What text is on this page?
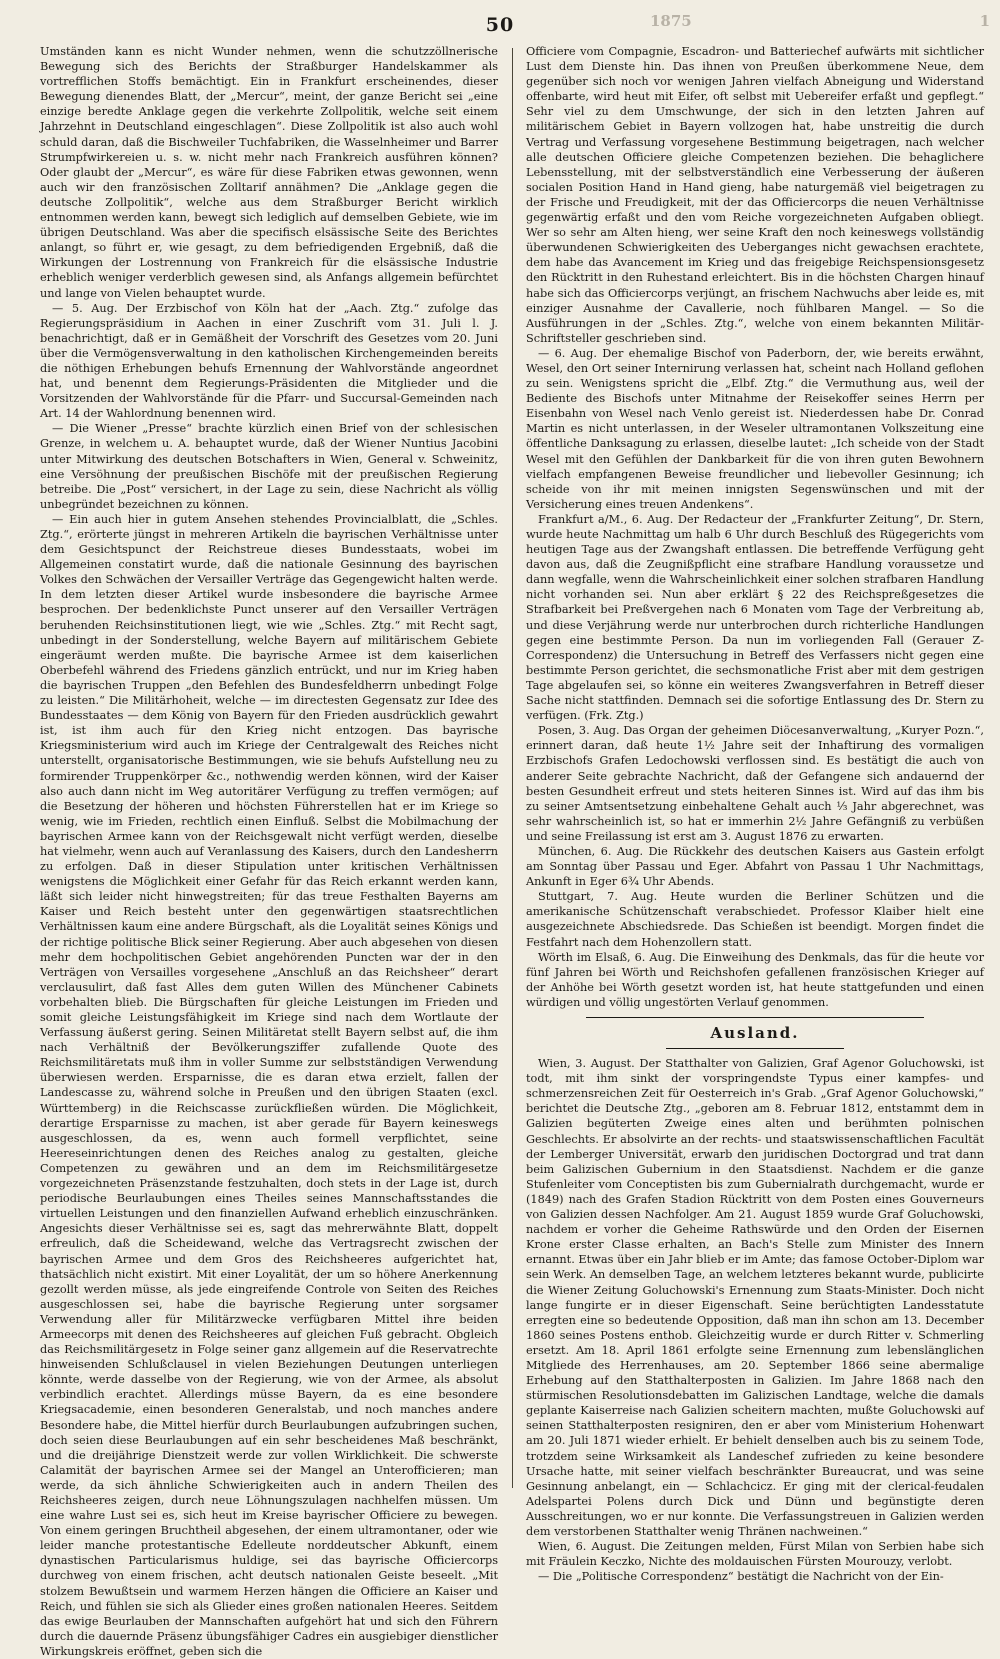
1875
50	1

Umständen kann es nicht Wunder nehmen, wenn die schutzzöllnerische Bewegung sich des Berichts der Straßburger Handelskammer als vortrefflichen Stoffs bemächtigt. Ein in Frankfurt erscheinendes, dieser Bewegung dienendes Blatt, der „Mercur“, meint, der ganze Bericht sei „eine einzige beredte Anklage gegen die verkehrte Zollpolitik, welche seit einem Jahrzehnt in Deutschland eingeschlagen“. Diese Zollpolitik ist also auch wohl schuld daran, daß die Bischweiler Tuchfabriken, die Wasselnheimer und Barrer Strumpfwirkereien u. s. w. nicht mehr nach Frankreich ausführen können? Oder glaubt der „Mercur“, es wäre für diese Fabriken etwas gewonnen, wenn auch wir den französischen Zolltarif annähmen? Die „Anklage gegen die deutsche Zollpolitik“, welche aus dem Straßburger Bericht wirklich entnommen werden kann, bewegt sich lediglich auf demselben Gebiete, wie im übrigen Deutschland. Was aber die specifisch elsässische Seite des Berichtes anlangt, so führt er, wie gesagt, zu dem befriedigenden Ergebniß, daß die Wirkungen der Lostrennung von Frankreich für die elsässische Industrie erheblich weniger verderblich gewesen sind, als Anfangs allgemein befürchtet und lange von Vielen behauptet wurde.

— 5. Aug. Der Erzbischof von Köln hat der „Aach. Ztg.“ zufolge das Regierungspräsidium in Aachen in einer Zuschrift vom 31. Juli l. J. benachrichtigt, daß er in Gemäßheit der Vorschrift des Gesetzes vom 20. Juni über die Vermögensverwaltung in den katholischen Kirchengemeinden bereits die nöthigen Erhebungen behufs Ernennung der Wahlvorstände angeordnet hat, und benennt dem Regierungs-Präsidenten die Mitglieder und die Vorsitzenden der Wahlvorstände für die Pfarr- und Succursal-Gemeinden nach Art. 14 der Wahlordnung benennen wird.

— Die Wiener „Presse“ brachte kürzlich einen Brief von der schlesischen Grenze, in welchem u. A. behauptet wurde, daß der Wiener Nuntius Jacobini unter Mitwirkung des deutschen Botschafters in Wien, General v. Schweinitz, eine Versöhnung der preußischen Bischöfe mit der preußischen Regierung betreibe. Die „Post“ versichert, in der Lage zu sein, diese Nachricht als völlig unbegründet bezeichnen zu können.

— Ein auch hier in gutem Ansehen stehendes Provincialblatt, die „Schles. Ztg.“, erörterte jüngst in mehreren Artikeln die bayrischen Verhältnisse unter dem Gesichtspunct der Reichstreue dieses Bundesstaats, wobei im Allgemeinen constatirt wurde, daß die nationale Gesinnung des bayrischen Volkes den Schwächen der Versailler Verträge das Gegengewicht halten werde. In dem letzten dieser Artikel wurde insbesondere die bayrische Armee besprochen. Der bedenklichste Punct unserer auf den Versailler Verträgen beruhenden Reichsinstitutionen liegt, wie wie „Schles. Ztg.“ mit Recht sagt, unbedingt in der Sonderstellung, welche Bayern auf militärischem Gebiete eingeräumt werden mußte. Die bayrische Armee ist dem kaiserlichen Oberbefehl während des Friedens gänzlich entrückt, und nur im Krieg haben die bayrischen Truppen „den Befehlen des Bundesfeldherrn unbedingt Folge zu leisten.“ Die Militärhoheit, welche — im directesten Gegensatz zur Idee des Bundesstaates — dem König von Bayern für den Frieden ausdrücklich gewahrt ist, ist ihm auch für den Krieg nicht entzogen. Das bayrische Kriegsministerium wird auch im Kriege der Centralgewalt des Reiches nicht unterstellt, organisatorische Bestimmungen, wie sie behufs Aufstellung neu zu formirender Truppenkörper &c., nothwendig werden können, wird der Kaiser also auch dann nicht im Weg autoritärer Verfügung zu treffen vermögen; auf die Besetzung der höheren und höchsten Führerstellen hat er im Kriege so wenig, wie im Frieden, rechtlich einen Einfluß. Selbst die Mobilmachung der bayrischen Armee kann von der Reichsgewalt nicht verfügt werden, dieselbe hat vielmehr, wenn auch auf Veranlassung des Kaisers, durch den Landesherrn zu erfolgen. Daß in dieser Stipulation unter kritischen Verhältnissen wenigstens die Möglichkeit einer Gefahr für das Reich erkannt werden kann, läßt sich leider nicht hinwegstreiten; für das treue Festhalten Bayerns am Kaiser und Reich besteht unter den gegenwärtigen staatsrechtlichen Verhältnissen kaum eine andere Bürgschaft, als die Loyalität seines Königs und der richtige politische Blick seiner Regierung. Aber auch abgesehen von diesen mehr dem hochpolitischen Gebiet angehörenden Puncten war der in den Verträgen von Versailles vorgesehene „Anschluß an das Reichsheer“ derart verclausulirt, daß fast Alles dem guten Willen des Münchener Cabinets vorbehalten blieb. Die Bürgschaften für gleiche Leistungen im Frieden und somit gleiche Leistungsfähigkeit im Kriege sind nach dem Wortlaute der Verfassung äußerst gering. Seinen Militäretat stellt Bayern selbst auf, die ihm nach Verhältniß der Bevölkerungsziffer zufallende Quote des Reichsmilitäretats muß ihm in voller Summe zur selbstständigen Verwendung überwiesen werden. Ersparnisse, die es daran etwa erzielt, fallen der Landescasse zu, während solche in Preußen und den übrigen Staaten (excl. Württemberg) in die Reichscasse zurückfließen würden. Die Möglichkeit, derartige Ersparnisse zu machen, ist aber gerade für Bayern keineswegs ausgeschlossen, da es, wenn auch formell verpflichtet, seine Heereseinrichtungen denen des Reiches analog zu gestalten, gleiche Competenzen zu gewähren und an dem im Reichsmilitärgesetze vorgezeichneten Präsenzstande festzuhalten, doch stets in der Lage ist, durch periodische Beurlaubungen eines Theiles seines Mannschaftsstandes die virtuellen Leistungen und den finanziellen Aufwand erheblich einzuschränken. Angesichts dieser Verhältnisse sei es, sagt das mehrerwähnte Blatt, doppelt erfreulich, daß die Scheidewand, welche das Vertragsrecht zwischen der bayrischen Armee und dem Gros des Reichsheeres aufgerichtet hat, thatsächlich nicht existirt. Mit einer Loyalität, der um so höhere Anerkennung gezollt werden müsse, als jede eingreifende Controle von Seiten des Reiches ausgeschlossen sei, habe die bayrische Regierung unter sorgsamer Verwendung aller für Militärzwecke verfügbaren Mittel ihre beiden Armeecorps mit denen des Reichsheeres auf gleichen Fuß gebracht. Obgleich das Reichsmilitärgesetz in Folge seiner ganz allgemein auf die Reservatrechte hinweisenden Schlußclausel in vielen Beziehungen Deutungen unterliegen könnte, werde dasselbe von der Regierung, wie von der Armee, als absolut verbindlich erachtet. Allerdings müsse Bayern, da es eine besondere Kriegsacademie, einen besonderen Generalstab, und noch manches andere Besondere habe, die Mittel hierfür durch Beurlaubungen aufzubringen suchen, doch seien diese Beurlaubungen auf ein sehr bescheidenes Maß beschränkt, und die dreijährige Dienstzeit werde zur vollen Wirklichkeit. Die schwerste Calamität der bayrischen Armee sei der Mangel an Unterofficieren; man werde, da sich ähnliche Schwierigkeiten auch in andern Theilen des Reichsheeres zeigen, durch neue Löhnungszulagen nachhelfen müssen. Um eine wahre Lust sei es, sich heut im Kreise bayrischer Officiere zu bewegen. Von einem geringen Bruchtheil abgesehen, der einem ultramontaner, oder wie leider manche protestantische Edelleute norddeutscher Abkunft, einem dynastischen Particularismus huldige, sei das bayrische Officiercorps durchweg von einem frischen, acht deutsch nationalen Geiste beseelt. „Mit stolzem Bewußtsein und warmem Herzen hängen die Officiere an Kaiser und Reich, und fühlen sie sich als Glieder eines großen nationalen Heeres. Seitdem das ewige Beurlauben der Mannschaften aufgehört hat und sich den Führern durch die dauernde Präsenz übungsfähiger Cadres ein ausgiebiger dienstlicher Wirkungskreis eröffnet, geben sich die

Officiere vom Compagnie, Escadron- und Batteriechef aufwärts mit sichtlicher Lust dem Dienste hin. Das ihnen von Preußen überkommene Neue, dem gegenüber sich noch vor wenigen Jahren vielfach Abneigung und Widerstand offenbarte, wird heut mit Eifer, oft selbst mit Uebereifer erfaßt und gepflegt.“ Sehr viel zu dem Umschwunge, der sich in den letzten Jahren auf militärischem Gebiet in Bayern vollzogen hat, habe unstreitig die durch Vertrag und Verfassung vorgesehene Bestimmung beigetragen, nach welcher alle deutschen Officiere gleiche Competenzen beziehen. Die behaglichere Lebensstellung, mit der selbstverständlich eine Verbesserung der äußeren socialen Position Hand in Hand gieng, habe naturgemäß viel beigetragen zu der Frische und Freudigkeit, mit der das Officiercorps die neuen Verhältnisse gegenwärtig erfaßt und den vom Reiche vorgezeichneten Aufgaben obliegt. Wer so sehr am Alten hieng, wer seine Kraft den noch keineswegs vollständig überwundenen Schwierigkeiten des Ueberganges nicht gewachsen erachtete, dem habe das Avancement im Krieg und das freigebige Reichspensionsgesetz den Rücktritt in den Ruhestand erleichtert. Bis in die höchsten Chargen hinauf habe sich das Officiercorps verjüngt, an frischem Nachwuchs aber leide es, mit einziger Ausnahme der Cavallerie, noch fühlbaren Mangel. — So die Ausführungen in der „Schles. Ztg.“, welche von einem bekannten Militär-Schriftsteller geschrieben sind.

— 6. Aug. Der ehemalige Bischof von Paderborn, der, wie bereits erwähnt, Wesel, den Ort seiner Internirung verlassen hat, scheint nach Holland geflohen zu sein. Wenigstens spricht die „Elbf. Ztg.“ die Vermuthung aus, weil der Bediente des Bischofs unter Mitnahme der Reisekoffer seines Herrn per Eisenbahn von Wesel nach Venlo gereist ist. Niederdessen habe Dr. Conrad Martin es nicht unterlassen, in der Weseler ultramontanen Volkszeitung eine öffentliche Danksagung zu erlassen, dieselbe lautet: „Ich scheide von der Stadt Wesel mit den Gefühlen der Dankbarkeit für die von ihren guten Bewohnern vielfach empfangenen Beweise freundlicher und liebevoller Gesinnung; ich scheide von ihr mit meinen innigsten Segenswünschen und mit der Versicherung eines treuen Andenkens“.

Frankfurt a/M., 6. Aug. Der Redacteur der „Frankfurter Zeitung“, Dr. Stern, wurde heute Nachmittag um halb 6 Uhr durch Beschluß des Rügegerichts vom heutigen Tage aus der Zwangshaft entlassen. Die betreffende Verfügung geht davon aus, daß die Zeugnißpflicht eine strafbare Handlung voraussetze und dann wegfalle, wenn die Wahrscheinlichkeit einer solchen strafbaren Handlung nicht vorhanden sei. Nun aber erklärt § 22 des Reichspreßgesetzes die Strafbarkeit bei Preßvergehen nach 6 Monaten vom Tage der Verbreitung ab, und diese Verjährung werde nur unterbrochen durch richterliche Handlungen gegen eine bestimmte Person. Da nun im vorliegenden Fall (Gerauer Z-Correspondenz) die Untersuchung in Betreff des Verfassers nicht gegen eine bestimmte Person gerichtet, die sechsmonatliche Frist aber mit dem gestrigen Tage abgelaufen sei, so könne ein weiteres Zwangsverfahren in Betreff dieser Sache nicht stattfinden. Demnach sei die sofortige Entlassung des Dr. Stern zu verfügen. (Frk. Ztg.)

Posen, 3. Aug. Das Organ der geheimen Diöcesanverwaltung, „Kuryer Pozn.“, erinnert daran, daß heute 1½ Jahre seit der Inhaftirung des vormaligen Erzbischofs Grafen Ledochowski verflossen sind. Es bestätigt die auch von anderer Seite gebrachte Nachricht, daß der Gefangene sich andauernd der besten Gesundheit erfreut und stets heiteren Sinnes ist. Wird auf das ihm bis zu seiner Amtsentsetzung einbehaltene Gehalt auch ⅓ Jahr abgerechnet, was sehr wahrscheinlich ist, so hat er immerhin 2½ Jahre Gefängniß zu verbüßen und seine Freilassung ist erst am 3. August 1876 zu erwarten.

München, 6. Aug. Die Rückkehr des deutschen Kaisers aus Gastein erfolgt am Sonntag über Passau und Eger. Abfahrt von Passau 1 Uhr Nachmittags, Ankunft in Eger 6¾ Uhr Abends.

Stuttgart, 7. Aug. Heute wurden die Berliner Schützen und die amerikanische Schützenschaft verabschiedet. Professor Klaiber hielt eine ausgezeichnete Abschiedsrede. Das Schießen ist beendigt. Morgen findet die Festfahrt nach dem Hohenzollern statt.

Wörth im Elsaß, 6. Aug. Die Einweihung des Denkmals, das für die heute vor fünf Jahren bei Wörth und Reichshofen gefallenen französischen Krieger auf der Anhöhe bei Wörth gesetzt worden ist, hat heute stattgefunden und einen würdigen und völlig ungestörten Verlauf genommen.

Ausland.

Wien, 3. August. Der Statthalter von Galizien, Graf Agenor Goluchowski, ist todt, mit ihm sinkt der vorspringendste Typus einer kampfes- und schmerzensreichen Zeit für Oesterreich in's Grab. „Graf Agenor Goluchowski,“ berichtet die Deutsche Ztg., „geboren am 8. Februar 1812, entstammt dem in Galizien begüterten Zweige eines alten und berühmten polnischen Geschlechts. Er absolvirte an der rechts- und staatswissenschaftlichen Facultät der Lemberger Universität, erwarb den juridischen Doctorgrad und trat dann beim Galizischen Gubernium in den Staatsdienst. Nachdem er die ganze Stufenleiter vom Conceptisten bis zum Gubernialrath durchgemacht, wurde er (1849) nach des Grafen Stadion Rücktritt von dem Posten eines Gouverneurs von Galizien dessen Nachfolger. Am 21. August 1859 wurde Graf Goluchowski, nachdem er vorher die Geheime Rathswürde und den Orden der Eisernen Krone erster Classe erhalten, an Bach's Stelle zum Minister des Innern ernannt. Etwas über ein Jahr blieb er im Amte; das famose October-Diplom war sein Werk. An demselben Tage, an welchem letzteres bekannt wurde, publicirte die Wiener Zeitung Goluchowski's Ernennung zum Staats-Minister. Doch nicht lange fungirte er in dieser Eigenschaft. Seine berüchtigten Landesstatute erregten eine so bedeutende Opposition, daß man ihn schon am 13. December 1860 seines Postens enthob. Gleichzeitig wurde er durch Ritter v. Schmerling ersetzt. Am 18. April 1861 erfolgte seine Ernennung zum lebenslänglichen Mitgliede des Herrenhauses, am 20. September 1866 seine abermalige Erhebung auf den Statthalterposten in Galizien. Im Jahre 1868 nach den stürmischen Resolutionsdebatten im Galizischen Landtage, welche die damals geplante Kaiserreise nach Galizien scheitern machten, mußte Goluchowski auf seinen Statthalterposten resigniren, den er aber vom Ministerium Hohenwart am 20. Juli 1871 wieder erhielt. Er behielt denselben auch bis zu seinem Tode, trotzdem seine Wirksamkeit als Landeschef zufrieden zu keine besondere Ursache hatte, mit seiner vielfach beschränkter Bureaucrat, und was seine Gesinnung anbelangt, ein — Schlachcicz. Er ging mit der clerical-feudalen Adelspartei Polens durch Dick und Dünn und begünstigte deren Ausschreitungen, wo er nur konnte. Die Verfassungstreuen in Galizien werden dem verstorbenen Statthalter wenig Thränen nachweinen.“

Wien, 6. August. Die Zeitungen melden, Fürst Milan von Serbien habe sich mit Fräulein Keczko, Nichte des moldauischen Fürsten Mourouzy, verlobt.

— Die „Politische Correspondenz“ bestätigt die Nachricht von der Ein-
